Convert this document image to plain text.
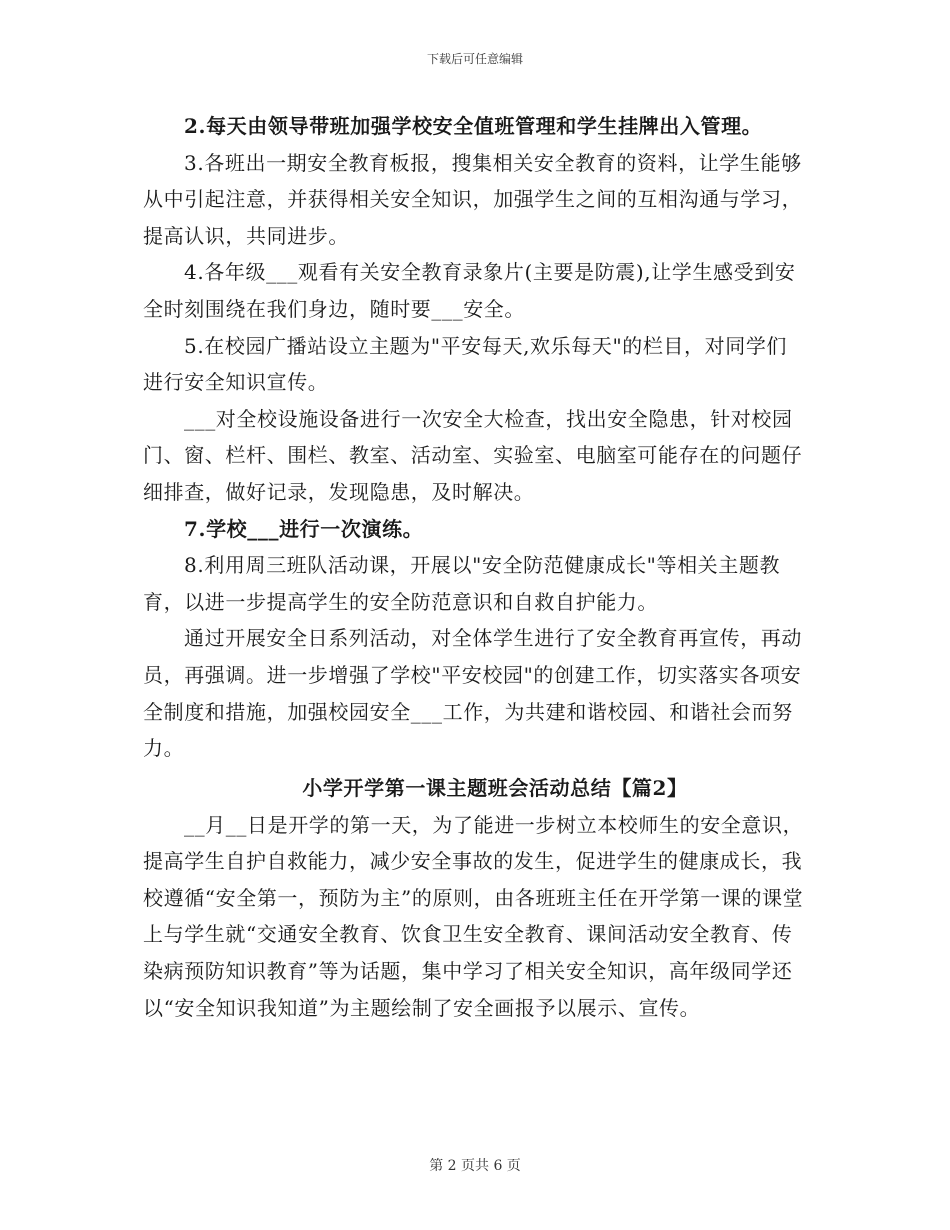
下载后可任意编辑

2.每天由领导带班加强学校安全值班管理和学生挂牌出入管理。

3.各班出一期安全教育板报，搜集相关安全教育的资料，让学生能够从中引起注意，并获得相关安全知识，加强学生之间的互相沟通与学习，提高认识，共同进步。

4.各年级___观看有关安全教育录象片(主要是防震),让学生感受到安全时刻围绕在我们身边，随时要___安全。

5.在校园广播站设立主题为"平安每天,欢乐每天"的栏目，对同学们进行安全知识宣传。

___对全校设施设备进行一次安全大检查，找出安全隐患，针对校园门、窗、栏杆、围栏、教室、活动室、实验室、电脑室可能存在的问题仔细排查，做好记录，发现隐患，及时解决。

7.学校___进行一次演练。

8.利用周三班队活动课，开展以"安全防范健康成长"等相关主题教育，以进一步提高学生的安全防范意识和自救自护能力。

通过开展安全日系列活动，对全体学生进行了安全教育再宣传，再动员，再强调。进一步增强了学校"平安校园"的创建工作，切实落实各项安全制度和措施，加强校园安全___工作，为共建和谐校园、和谐社会而努力。

小学开学第一课主题班会活动总结【篇2】

__月__日是开学的第一天，为了能进一步树立本校师生的安全意识，提高学生自护自救能力，减少安全事故的发生，促进学生的健康成长，我校遵循“安全第一，预防为主”的原则，由各班班主任在开学第一课的课堂上与学生就“交通安全教育、饮食卫生安全教育、课间活动安全教育、传染病预防知识教育”等为话题，集中学习了相关安全知识，高年级同学还以“安全知识我知道”为主题绘制了安全画报予以展示、宣传。

第 2 页共 6 页
